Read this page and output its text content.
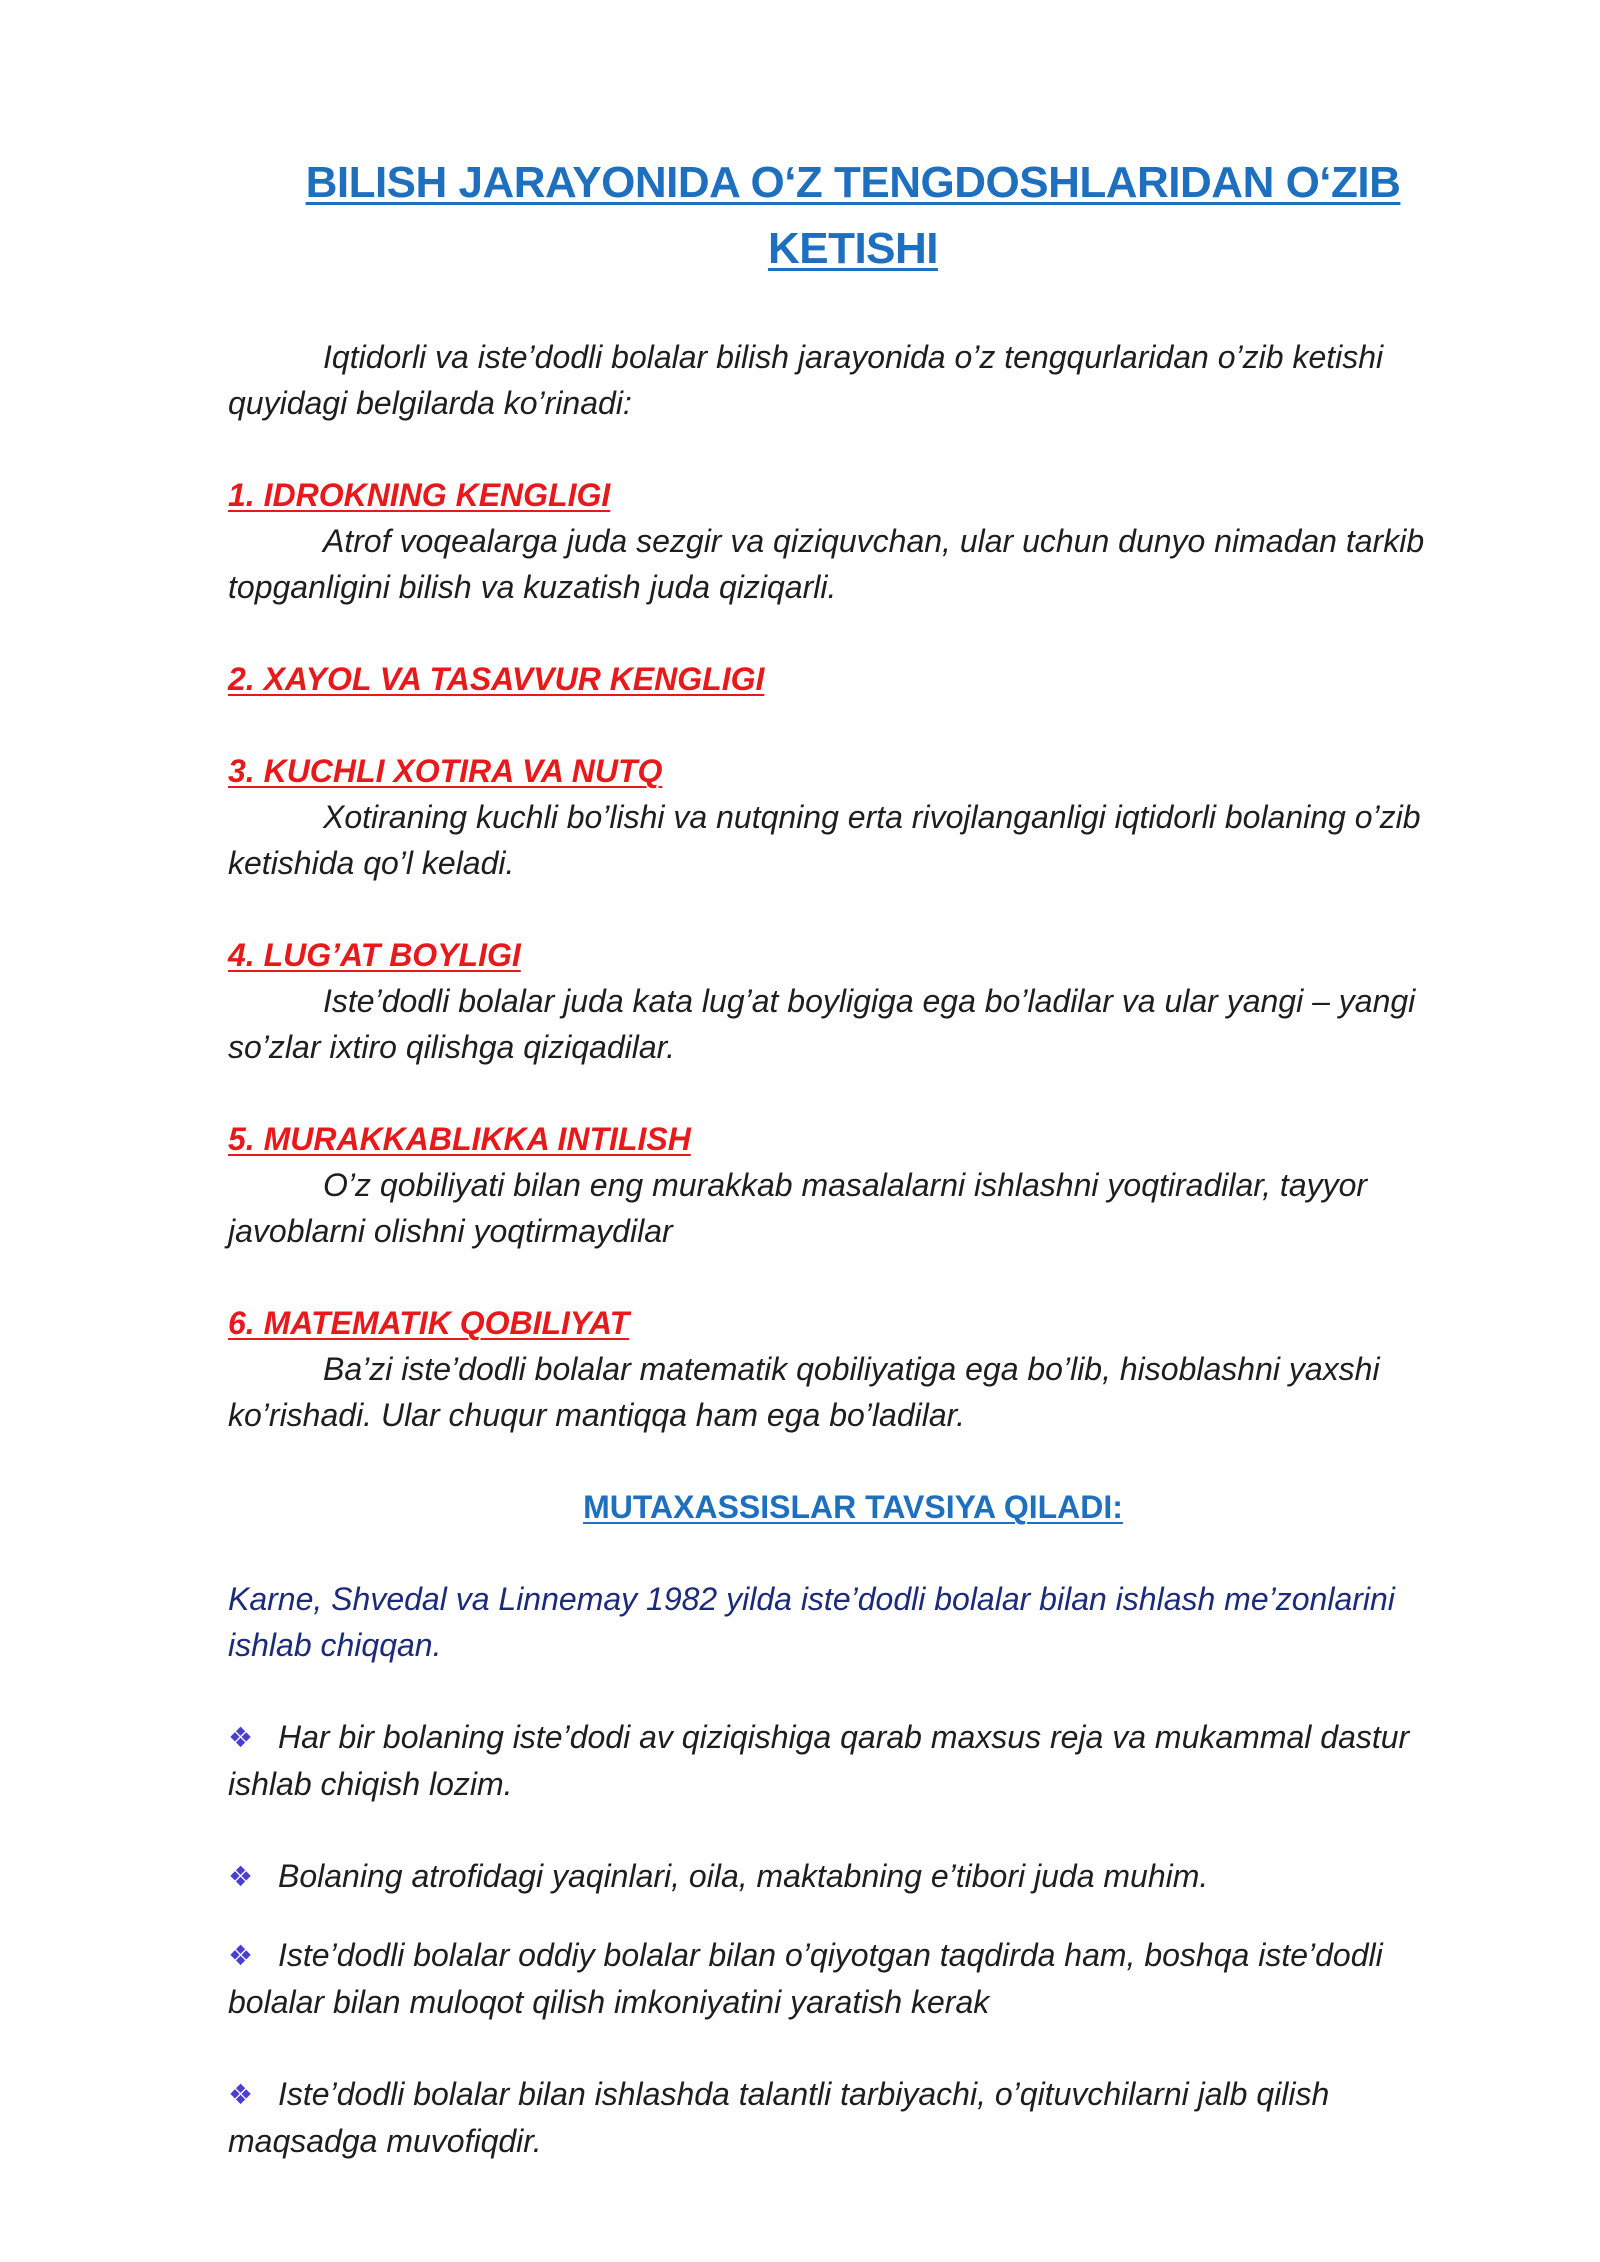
BILISH JARAYONIDA O‘Z TENGDOSHLARIDAN O‘ZIB KETISHI

Iqtidorli va iste’dodli bolalar bilish jarayonida o’z tengqurlaridan o’zib ketishi quyidagi belgilarda ko’rinadi:

1. IDROKNING KENGLIGI

Atrof voqealarga juda sezgir va qiziquvchan, ular uchun dunyo nimadan tarkib topganligini bilish va kuzatish juda qiziqarli.

2. XAYOL VA TASAVVUR KENGLIGI

3. KUCHLI XOTIRA VA NUTQ

Xotiraning kuchli bo’lishi va nutqning erta rivojlanganligi iqtidorli bolaning o’zib ketishida qo’l keladi.

4. LUG’AT BOYLIGI

Iste’dodli bolalar juda kata lug’at boyligiga ega bo’ladilar va ular yangi – yangi so’zlar ixtiro qilishga qiziqadilar.

5. MURAKKABLIKKA INTILISH

O’z qobiliyati bilan eng murakkab masalalarni ishlashni yoqtiradilar, tayyor javoblarni olishni yoqtirmaydilar

6. MATEMATIK QOBILIYAT

Ba’zi iste’dodli bolalar matematik qobiliyatiga ega bo’lib, hisoblashni yaxshi ko’rishadi. Ular chuqur mantiqqa ham ega bo’ladilar.

MUTAXASSISLAR TAVSIYA QILADI:

Karne, Shvedal va Linnemay 1982 yilda iste’dodli bolalar bilan ishlash me’zonlarini ishlab chiqqan.

❖ Har bir bolaning iste’dodi av qiziqishiga qarab maxsus reja va mukammal dastur ishlab chiqish lozim.

❖ Bolaning atrofidagi yaqinlari, oila, maktabning e’tibori juda muhim.

❖ Iste’dodli bolalar oddiy bolalar bilan o’qiyotgan taqdirda ham, boshqa iste’dodli bolalar bilan muloqot qilish imkoniyatini yaratish kerak

❖ Iste’dodli bolalar bilan ishlashda talantli tarbiyachi, o’qituvchilarni jalb qilish maqsadga muvofiqdir.
